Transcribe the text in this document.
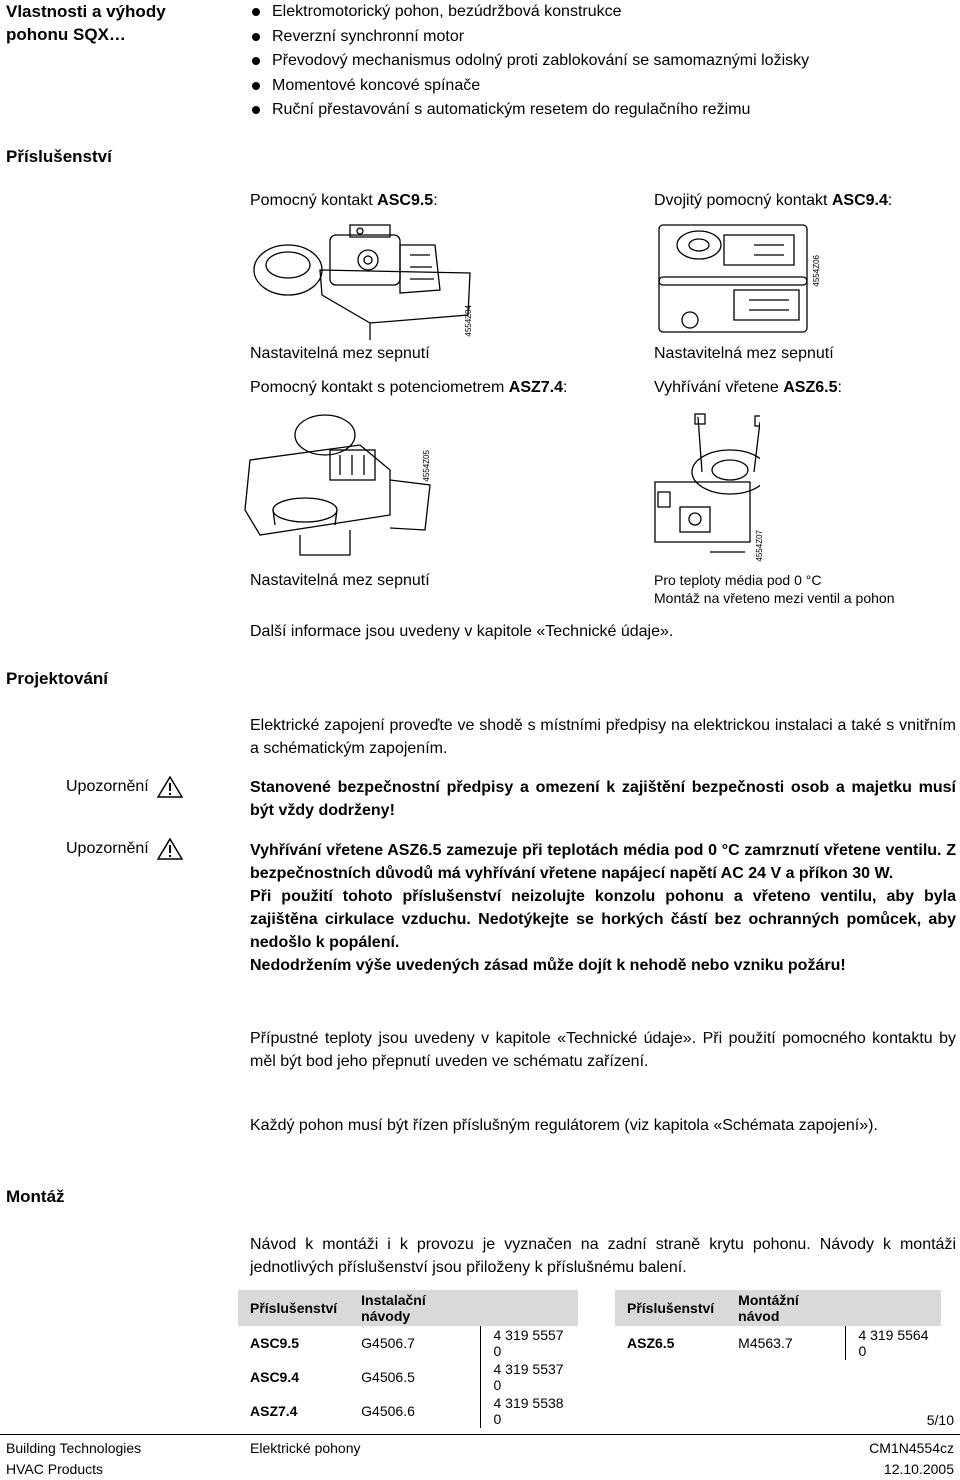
Vlastnosti a výhody pohonu SQX…
Elektromotorický pohon, bezúdržbová konstrukce
Reverzní synchronní motor
Převodový mechanismus odolný proti zablokování se samomaznými ložisky
Momentové koncové spínače
Ruční přestavování s automatickým resetem do regulačního režimu
Příslušenství
Pomocný kontakt ASC9.5:	Dvojitý pomocný kontakt ASC9.4:
4554Z04
4554Z06
Nastavitelná mez sepnutí	Nastavitelná mez sepnutí
Pomocný kontakt s potenciometrem ASZ7.4:	Vyhřívání vřetene ASZ6.5:
4554Z05
4554Z07
Nastavitelná mez sepnutí	Pro teploty média pod 0 °C
Montáž na vřeteno mezi ventil a pohon
Další informace jsou uvedeny v kapitole «Technické údaje».
Projektování
Elektrické zapojení proveďte ve shodě s místními předpisy na elektrickou instalaci a také s vnitřním a schématickým zapojením.
Upozornění	Stanovené bezpečnostní předpisy a omezení k zajištění bezpečnosti osob a majetku musí být vždy dodrženy!
Upozornění	Vyhřívání vřetene ASZ6.5 zamezuje při teplotách média pod 0 °C zamrznutí vřetene ventilu. Z bezpečnostních důvodů má vyhřívání vřetene napájecí napětí AC 24 V a příkon 30 W.
Při použití tohoto příslušenství neizolujte konzolu pohonu a vřeteno ventilu, aby byla zajištěna cirkulace vzduchu. Nedotýkejte se horkých částí bez ochranných pomůcek, aby nedošlo k popálení.
Nedodržením výše uvedených zásad může dojít k nehodě nebo vzniku požáru!
Přípustné teploty jsou uvedeny v kapitole «Technické údaje». Při použití pomocného kontaktu by měl být bod jeho přepnutí uveden ve schématu zařízení.
Každý pohon musí být řízen příslušným regulátorem (viz kapitola «Schémata zapojení»).
Montáž
Návod k montáži i k provozu je vyznačen na zadní straně krytu pohonu. Návody k montáži jednotlivých příslušenství jsou přiloženy k příslušnému balení.
Příslušenství	Instalační návody	
ASC9.5	G4506.7	4 319 5557 0
ASC9.4	G4506.5	4 319 5537 0
ASZ7.4	G4506.6	4 319 5538 0
Příslušenství	Montážní návod	
ASZ6.5	M4563.7	4 319 5564 0
5/10
Building Technologies
HVAC Products
Elektrické pohony	CM1N4554cz
12.10.2005
